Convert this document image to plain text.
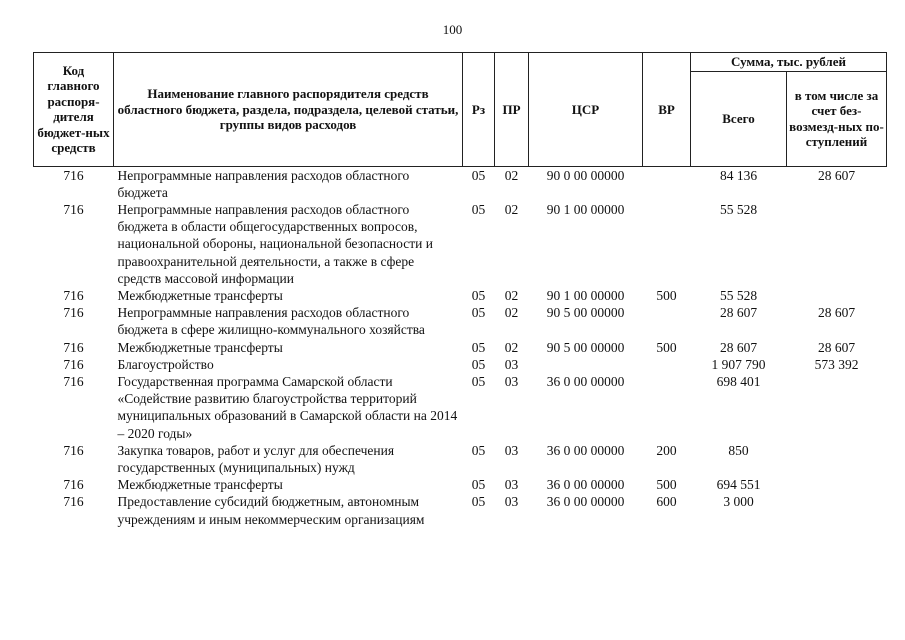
100
Код главного распоря-дителя бюджет-ных средств	Наименование главного распорядителя средств областного бюджета, раздела, подраздела, целевой статьи, группы видов расходов	Рз	ПР	ЦСР	ВР	Сумма, тыс. рублей	
						Всего	в том числе за счет без-возмезд-ных по-ступлений
716	Непрограммные направления расходов областного бюджета	05	02	90 0 00 00000		84 136	28 607
716	Непрограммные направления расходов областного бюджета в области общегосударственных вопросов, национальной обороны, национальной безопасности и правоохранительной деятельности, а также в сфере средств массовой информации	05	02	90 1 00 00000		55 528	
716	Межбюджетные трансферты	05	02	90 1 00 00000	500	55 528	
716	Непрограммные направления расходов областного бюджета в сфере жилищно-коммунального хозяйства	05	02	90 5 00 00000		28 607	28 607
716	Межбюджетные трансферты	05	02	90 5 00 00000	500	28 607	28 607
716	Благоустройство	05	03			1 907 790	573 392
716	Государственная программа Самарской области «Содействие развитию благоустройства территорий муниципальных образований в Самарской области на 2014 – 2020 годы»	05	03	36 0 00 00000		698 401	
716	Закупка товаров, работ и услуг для обеспечения государственных (муниципальных) нужд	05	03	36 0 00 00000	200	850	
716	Межбюджетные трансферты	05	03	36 0 00 00000	500	694 551	
716	Предоставление субсидий бюджетным, автономным учреждениям и иным некоммерческим организациям	05	03	36 0 00 00000	600	3 000	
